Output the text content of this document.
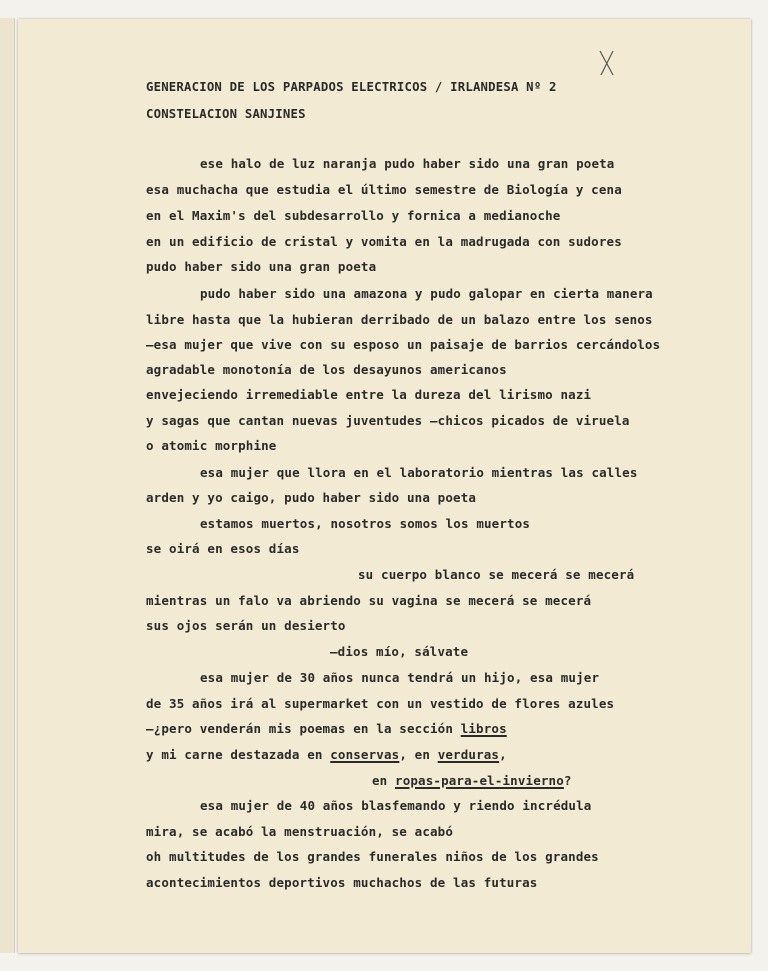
GENERACION DE LOS PARPADOS ELECTRICOS / IRLANDESA Nº 2
CONSTELACION SANJINES
ese halo de luz naranja pudo haber sido una gran poeta
esa muchacha que estudia el último semestre de Biología y cena
en el Maxim's del subdesarrollo y fornica a medianoche
en un edificio de cristal y vomita en la madrugada con sudores
pudo haber sido una gran poeta
pudo haber sido una amazona y pudo galopar en cierta manera
libre hasta que la hubieran derribado de un balazo entre los senos
—esa mujer que vive con su esposo un paisaje de barrios cercándolos
agradable monotonía de los desayunos americanos
envejeciendo irremediable entre la dureza del lirismo nazi
y sagas que cantan nuevas juventudes —chicos picados de viruela
o atomic morphine
esa mujer que llora en el laboratorio mientras las calles
arden y yo caigo, pudo haber sido una poeta
estamos muertos, nosotros somos los muertos
se oirá en esos días
su cuerpo blanco se mecerá se mecerá
mientras un falo va abriendo su vagina se mecerá se mecerá
sus ojos serán un desierto
—dios mío, sálvate
esa mujer de 30 años nunca tendrá un hijo, esa mujer
de 35 años irá al supermarket con un vestido de flores azules
—¿pero venderán mis poemas en la sección libros
y mi carne destazada en conservas, en verduras,
en ropas-para-el-invierno?
esa mujer de 40 años blasfemando y riendo incrédula
mira, se acabó la menstruación, se acabó
oh multitudes de los grandes funerales niños de los grandes
acontecimientos deportivos muchachos de las futuras
